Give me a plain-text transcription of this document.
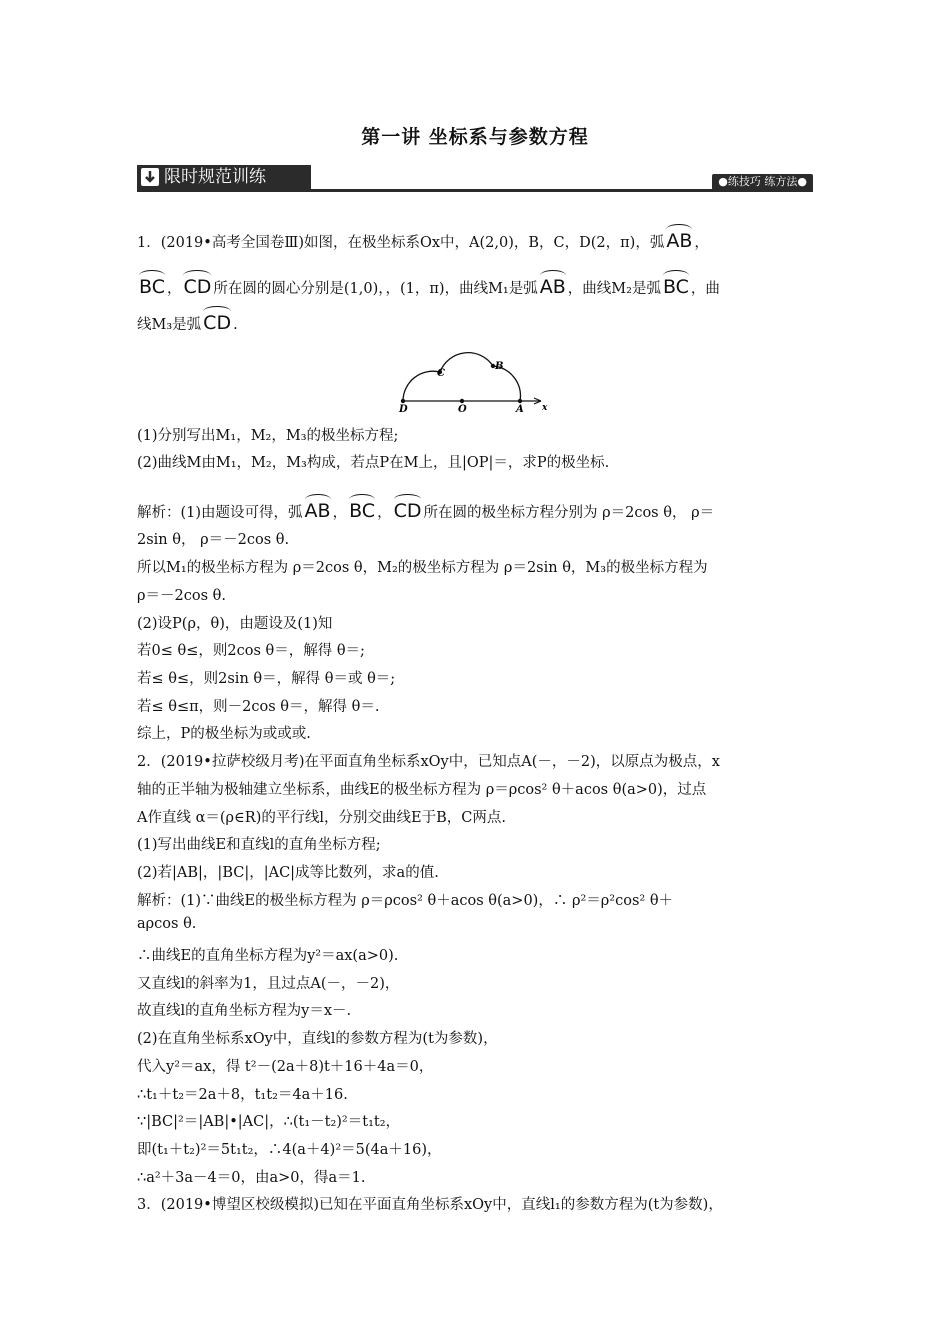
第一讲 坐标系与参数方程
限时规范训练	●练技巧 练方法●
1．(2019•高考全国卷Ⅲ)如图，在极坐标系Ox中，A(2,0)，B，C，D(2，π)，弧 AB ，
BC ， CD 所在圆的圆心分别是(1,0)，，(1，π)，曲线M₁是弧 AB ，曲线M₂是弧 BC ，曲
线M₃是弧 CD .
C
B
D	O	A x
(1)分别写出M₁，M₂，M₃的极坐标方程;
(2)曲线M由M₁，M₂，M₃构成，若点P在M上，且|OP|＝，求P的极坐标.
解析：(1)由题设可得，弧 AB ， BC ， CD 所在圆的极坐标方程分别为 ρ＝2cos θ， ρ＝
2sin θ， ρ＝－2cos θ.
所以M₁的极坐标方程为 ρ＝2cos θ，M₂的极坐标方程为 ρ＝2sin θ，M₃的极坐标方程为
ρ＝－2cos θ.
(2)设P(ρ，θ)，由题设及(1)知
若0≤ θ≤，则2cos θ＝，解得 θ＝;
若≤ θ≤，则2sin θ＝，解得 θ＝或 θ＝;
若≤ θ≤π，则－2cos θ＝，解得 θ＝.
综上，P的极坐标为或或或.
2．(2019•拉萨校级月考)在平面直角坐标系xOy中，已知点A(－，－2)，以原点为极点，x
轴的正半轴为极轴建立坐标系，曲线E的极坐标方程为 ρ＝ρcos² θ＋acos θ(a>0)，过点
A作直线 α＝(ρ∈R)的平行线l，分别交曲线E于B，C两点.
(1)写出曲线E和直线l的直角坐标方程;
(2)若|AB|，|BC|，|AC|成等比数列，求a的值.
解析：(1)∵曲线E的极坐标方程为 ρ＝ρcos² θ＋acos θ(a>0)，∴ ρ²＝ρ²cos² θ＋
aρcos θ.
∴曲线E的直角坐标方程为y²＝ax(a>0).
又直线l的斜率为1，且过点A(－，－2)，
故直线l的直角坐标方程为y＝x－.
(2)在直角坐标系xOy中，直线l的参数方程为(t为参数)，
代入y²＝ax，得 t²－(2a＋8)t＋16＋4a＝0，
∴t₁＋t₂＝2a＋8，t₁t₂＝4a＋16.
∵|BC|²＝|AB|•|AC|，∴(t₁－t₂)²＝t₁t₂，
即(t₁＋t₂)²＝5t₁t₂，∴4(a＋4)²＝5(4a＋16)，
∴a²＋3a－4＝0，由a>0，得a＝1.
3．(2019•博望区校级模拟)已知在平面直角坐标系xOy中，直线l₁的参数方程为(t为参数)，
